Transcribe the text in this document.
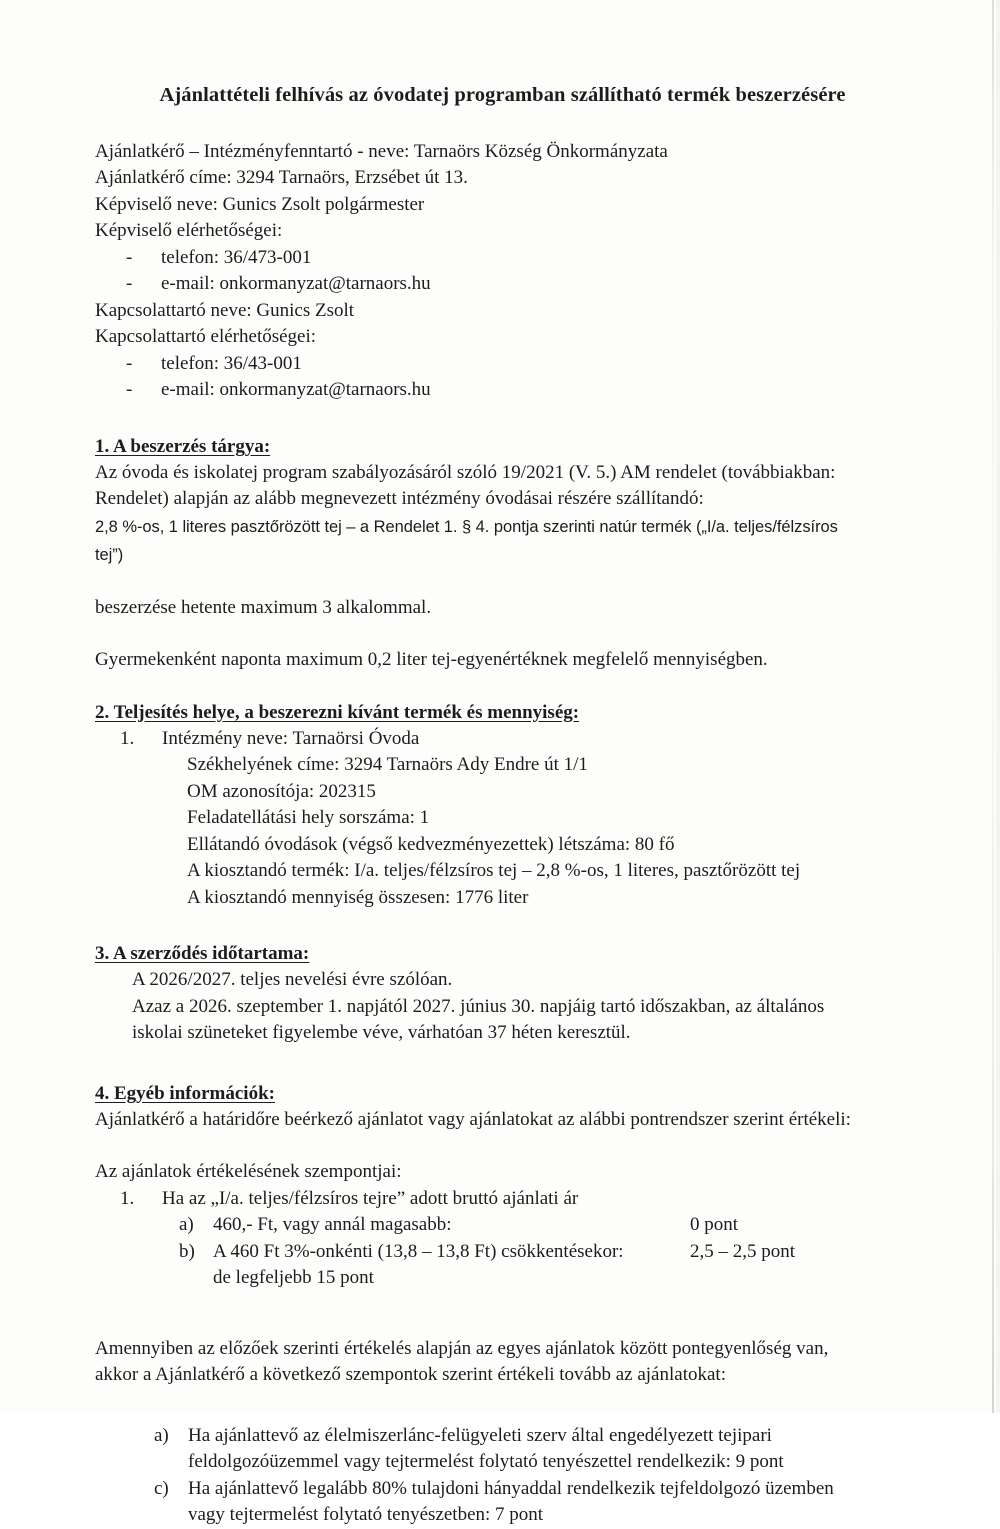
Ajánlattételi felhívás az óvodatej programban szállítható termék beszerzésére
Ajánlatkérő – Intézményfenntartó - neve: Tarnaörs Község Önkormányzata
Ajánlatkérő címe: 3294 Tarnaörs, Erzsébet út 13.
Képviselő neve: Gunics Zsolt polgármester
Képviselő elérhetőségei:
-	telefon: 36/473-001
-	e-mail: onkormanyzat@tarnaors.hu
Kapcsolattartó neve: Gunics Zsolt
Kapcsolattartó elérhetőségei:
-	telefon: 36/43-001
-	e-mail: onkormanyzat@tarnaors.hu
1. A beszerzés tárgya:
Az óvoda és iskolatej program szabályozásáról szóló 19/2021 (V. 5.) AM rendelet (továbbiakban:
Rendelet) alapján az alább megnevezett intézmény óvodásai részére szállítandó:
2,8 %-os, 1 literes pasztőrözött tej – a Rendelet 1. § 4. pontja szerinti natúr termék („I/a. teljes/félzsíros
tej”)
beszerzése hetente maximum 3 alkalommal.
Gyermekenként naponta maximum 0,2 liter tej-egyenértéknek megfelelő mennyiségben.
2. Teljesítés helye, a beszerezni kívánt termék és mennyiség:
1.	Intézmény neve: Tarnaörsi Óvoda
Székhelyének címe: 3294 Tarnaörs Ady Endre út 1/1
OM azonosítója: 202315
Feladatellátási hely sorszáma: 1
Ellátandó óvodások (végső kedvezményezettek) létszáma: 80 fő
A kiosztandó termék: I/a. teljes/félzsíros tej – 2,8 %-os, 1 literes, pasztőrözött tej
A kiosztandó mennyiség összesen: 1776 liter
3. A szerződés időtartama:
A 2026/2027. teljes nevelési évre szólóan.
Azaz a 2026. szeptember 1. napjától 2027. június 30. napjáig tartó időszakban, az általános
iskolai szüneteket figyelembe véve, várhatóan 37 héten keresztül.
4. Egyéb információk:
Ajánlatkérő a határidőre beérkező ajánlatot vagy ajánlatokat az alábbi pontrendszer szerint értékeli:
Az ajánlatok értékelésének szempontjai:
1.	Ha az „I/a. teljes/félzsíros tejre” adott bruttó ajánlati ár
a)	460,- Ft, vagy annál magasabb:	0 pont
b) A 460 Ft 3%-onkénti (13,8 – 13,8 Ft) csökkentésekor:	2,5 – 2,5 pont
de legfeljebb 15 pont
Amennyiben az előzőek szerinti értékelés alapján az egyes ajánlatok között pontegyenlőség van,
akkor a Ajánlatkérő a következő szempontok szerint értékeli tovább az ajánlatokat:
a)	Ha ajánlattevő az élelmiszerlánc-felügyeleti szerv által engedélyezett tejipari
feldolgozóüzemmel vagy tejtermelést folytató tenyészettel rendelkezik: 9 pont
c)	Ha ajánlattevő legalább 80% tulajdoni hányaddal rendelkezik tejfeldolgozó üzemben
vagy tejtermelést folytató tenyészetben: 7 pont
